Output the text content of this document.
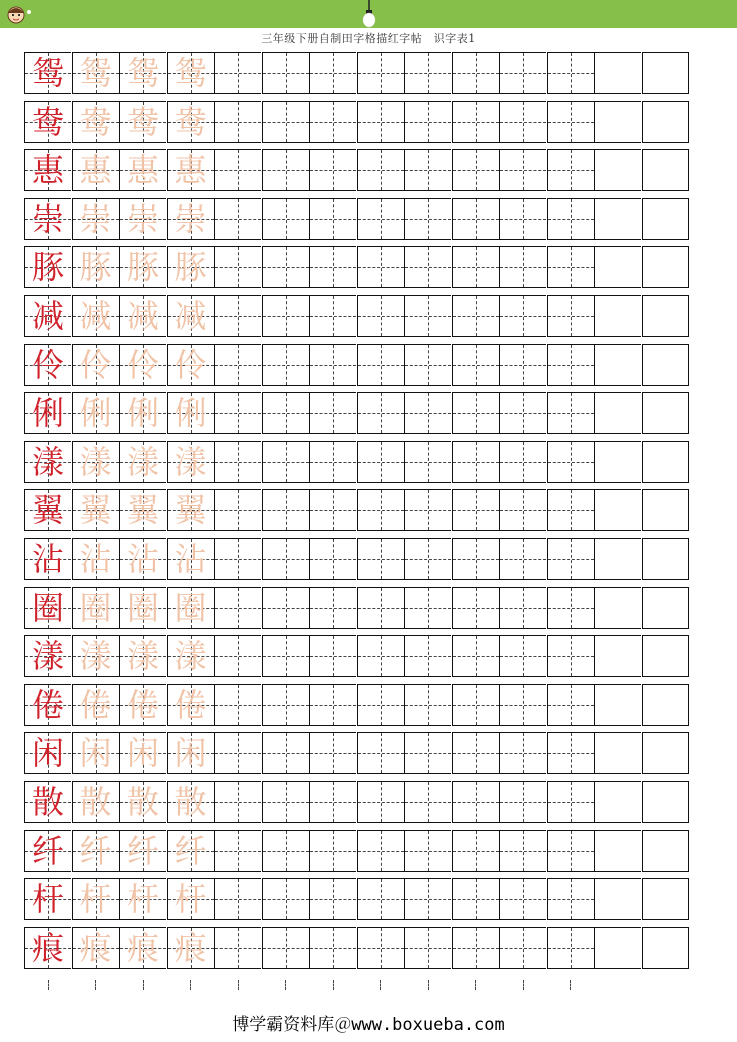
三年级下册自制田字格描红字帖　识字表1
鸳 鸳 鸳 鸳
鸯 鸯 鸯 鸯
惠 惠 惠 惠
崇 崇 崇 崇
豚 豚 豚 豚
减 减 减 减
伶 伶 伶 伶
俐 俐 俐 俐
漾 漾 漾 漾
翼 翼 翼 翼
沾 沾 沾 沾
圈 圈 圈 圈
漾 漾 漾 漾
倦 倦 倦 倦
闲 闲 闲 闲
散 散 散 散
纤 纤 纤 纤
杆 杆 杆 杆
痕 痕 痕 痕
博学霸资料库＠www.boxueba.com
